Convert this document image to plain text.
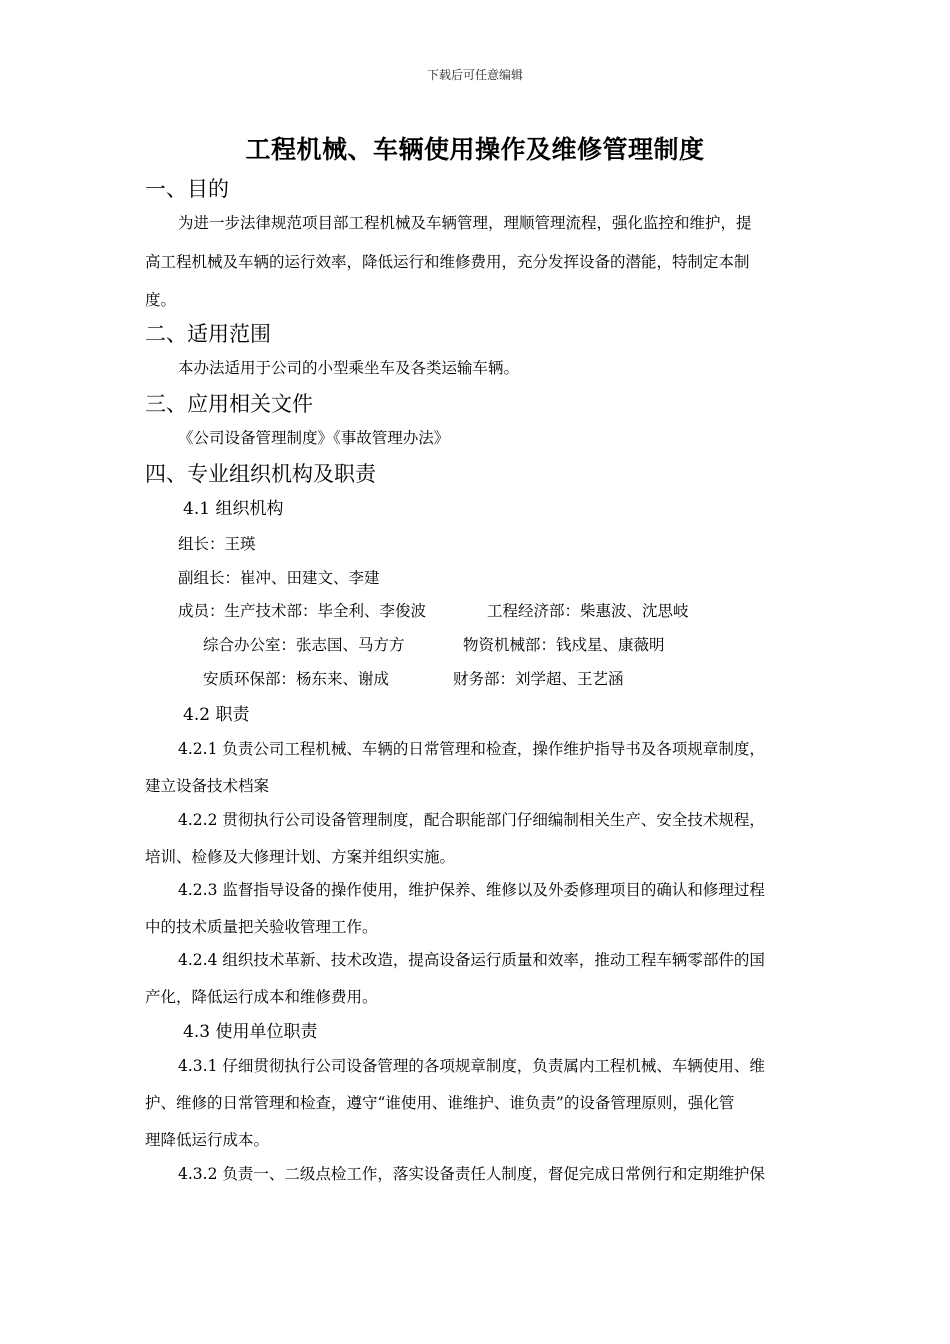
下载后可任意编辑
工程机械、车辆使用操作及维修管理制度
一、目的
为进一步法律规范项目部工程机械及车辆管理，理顺管理流程，强化监控和维护，提
高工程机械及车辆的运行效率，降低运行和维修费用，充分发挥设备的潜能，特制定本制
度。
二、适用范围
本办法适用于公司的小型乘坐车及各类运输车辆。
三、应用相关文件
《公司设备管理制度》《事故管理办法》
四、专业组织机构及职责
4.1 组织机构
组长：王瑛
副组长：崔冲、田建文、李建
成员：生产技术部：毕全利、李俊波	工程经济部：柴惠波、沈思岐
综合办公室：张志国、马方方	物资机械部：钱戍星、康薇明
安质环保部：杨东来、谢成	财务部：刘学超、王艺涵
4.2 职责
4.2.1 负责公司工程机械、车辆的日常管理和检查，操作维护指导书及各项规章制度，
建立设备技术档案
4.2.2 贯彻执行公司设备管理制度，配合职能部门仔细编制相关生产、安全技术规程，
培训、检修及大修理计划、方案并组织实施。
4.2.3 监督指导设备的操作使用，维护保养、维修以及外委修理项目的确认和修理过程
中的技术质量把关验收管理工作。
4.2.4 组织技术革新、技术改造，提高设备运行质量和效率，推动工程车辆零部件的国
产化，降低运行成本和维修费用。
4.3 使用单位职责
4.3.1 仔细贯彻执行公司设备管理的各项规章制度，负责属内工程机械、车辆使用、维
护、维修的日常管理和检查，遵守“谁使用、谁维护、谁负责”的设备管理原则，强化管
理降低运行成本。
4.3.2 负责一、二级点检工作，落实设备责任人制度，督促完成日常例行和定期维护保
